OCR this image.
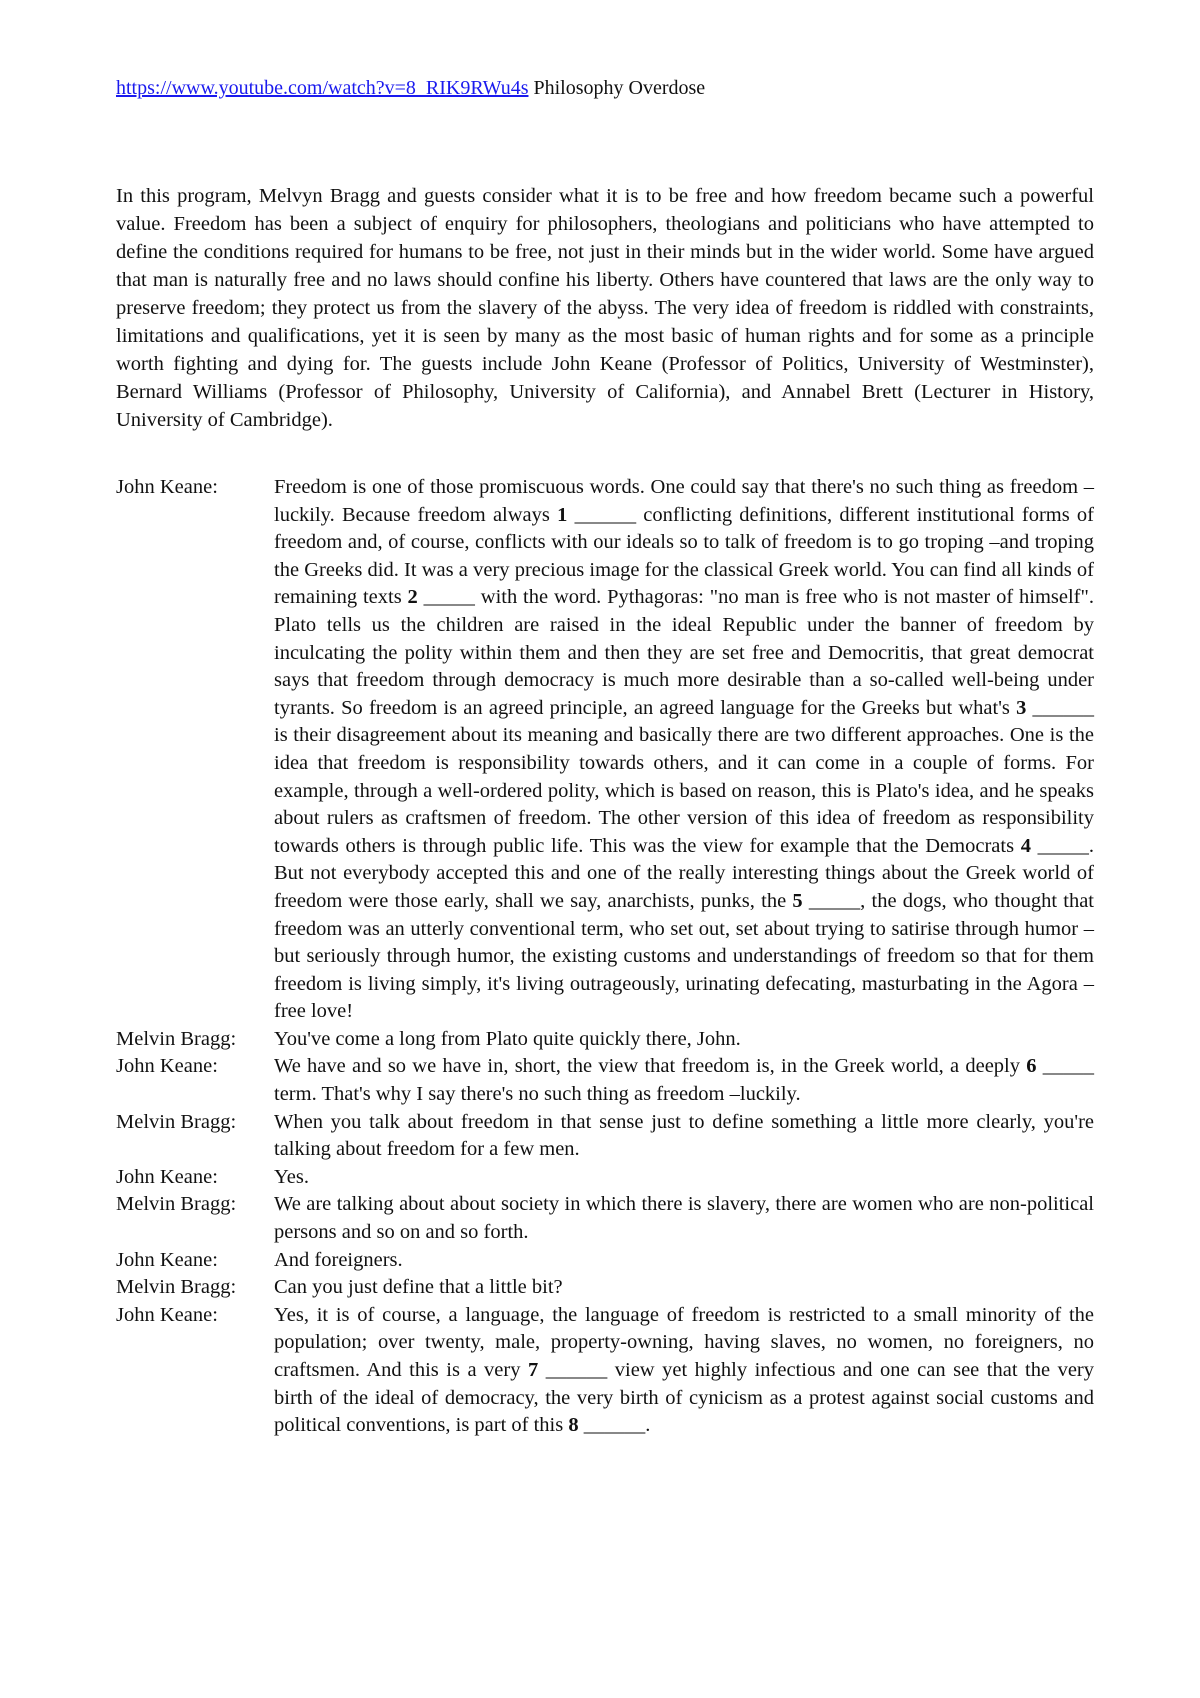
https://www.youtube.com/watch?v=8_RIK9RWu4s Philosophy Overdose

In this program, Melvyn Bragg and guests consider what it is to be free and how freedom became such a powerful value. Freedom has been a subject of enquiry for philosophers, theologians and politicians who have attempted to define the conditions required for humans to be free, not just in their minds but in the wider world. Some have argued that man is naturally free and no laws should confine his liberty. Others have countered that laws are the only way to preserve freedom; they protect us from the slavery of the abyss. The very idea of freedom is riddled with constraints, limitations and qualifications, yet it is seen by many as the most basic of human rights and for some as a principle worth fighting and dying for. The guests include John Keane (Professor of Politics, University of Westminster), Bernard Williams (Professor of Philosophy, University of California), and Annabel Brett (Lecturer in History, University of Cambridge).

John Keane:	Freedom is one of those promiscuous words. One could say that there's no such thing as freedom –luckily. Because freedom always 1 ______ conflicting definitions, different institutional forms of freedom and, of course, conflicts with our ideals so to talk of freedom is to go troping –and troping the Greeks did. It was a very precious image for the classical Greek world. You can find all kinds of remaining texts 2 _____ with the word. Pythagoras: "no man is free who is not master of himself". Plato tells us the children are raised in the ideal Republic under the banner of freedom by inculcating the polity within them and then they are set free and Democritis, that great democrat says that freedom through democracy is much more desirable than a so-called well-being under tyrants. So freedom is an agreed principle, an agreed language for the Greeks but what's 3 ______ is their disagreement about its meaning and basically there are two different approaches. One is the idea that freedom is responsibility towards others, and it can come in a couple of forms. For example, through a well-ordered polity, which is based on reason, this is Plato's idea, and he speaks about rulers as craftsmen of freedom. The other version of this idea of freedom as responsibility towards others is through public life. This was the view for example that the Democrats 4 _____. But not everybody accepted this and one of the really interesting things about the Greek world of freedom were those early, shall we say, anarchists, punks, the 5 _____, the dogs, who thought that freedom was an utterly conventional term, who set out, set about trying to satirise through humor – but seriously through humor, the existing customs and understandings of freedom so that for them freedom is living simply, it's living outrageously, urinating defecating, masturbating in the Agora – free love!

Melvin Bragg:	You've come a long from Plato quite quickly there, John.

John Keane:	We have and so we have in, short, the view that freedom is, in the Greek world, a deeply 6 _____ term. That's why I say there's no such thing as freedom –luckily.

Melvin Bragg:	When you talk about freedom in that sense just to define something a little more clearly, you're talking about freedom for a few men.

John Keane:	Yes.

Melvin Bragg:	We are talking about about society in which there is slavery, there are women who are non-political persons and so on and so forth.

John Keane:	And foreigners.

Melvin Bragg:	Can you just define that a little bit?

John Keane:	Yes, it is of course, a language, the language of freedom is restricted to a small minority of the population; over twenty, male, property-owning, having slaves, no women, no foreigners, no craftsmen. And this is a very 7 ______ view yet highly infectious and one can see that the very birth of the ideal of democracy, the very birth of cynicism as a protest against social customs and political conventions, is part of this 8 ______.
